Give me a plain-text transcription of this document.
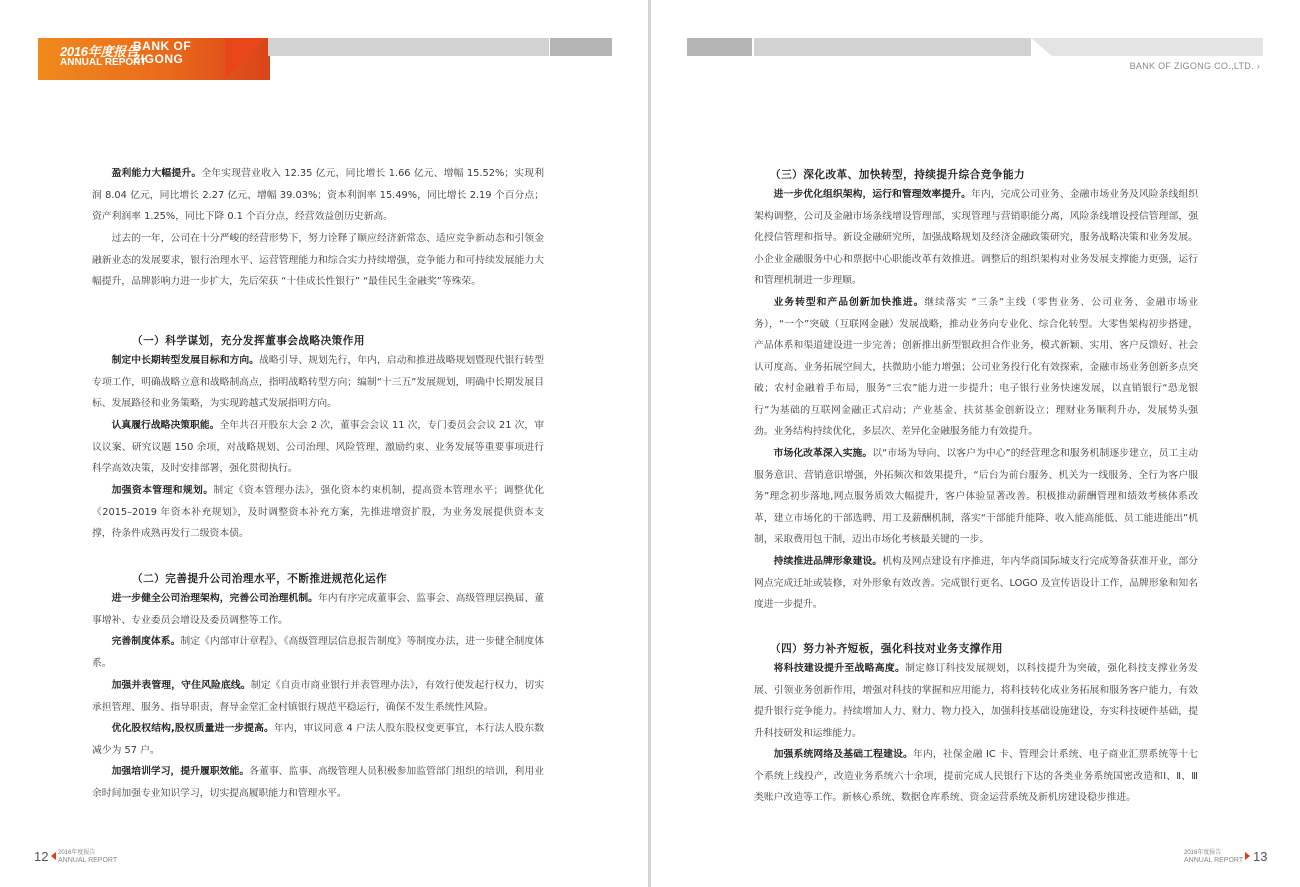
2016年度报告
ANNUAL REPORT
BANK OF
ZIGONG

盈利能力大幅提升。全年实现营业收入 12.35 亿元，同比增长 1.66 亿元、增幅 15.52%；实现利润 8.04 亿元，同比增长 2.27 亿元、增幅 39.03%；资本利润率 15.49%，同比增长 2.19 个百分点；资产利润率 1.25%，同比下降 0.1 个百分点，经营效益创历史新高。

过去的一年，公司在十分严峻的经营形势下，努力诠释了顺应经济新常态、适应竞争新动态和引领金融新业态的发展要求，银行治理水平、运营管理能力和综合实力持续增强，竞争能力和可持续发展能力大幅提升，品牌影响力进一步扩大，先后荣获 “十佳成长性银行” “最佳民生金融奖”等殊荣。

（一）科学谋划，充分发挥董事会战略决策作用

制定中长期转型发展目标和方向。战略引导、规划先行，年内，启动和推进战略规划暨现代银行转型专项工作，明确战略立意和战略制高点，指明战略转型方向；编制“十三五”发展规划，明确中长期发展目标、发展路径和业务策略，为实现跨越式发展指明方向。

认真履行战略决策职能。全年共召开股东大会 2 次，董事会会议 11 次，专门委员会会议 21 次，审议议案、研究议题 150 余项，对战略规划、公司治理、风险管理、激励约束、业务发展等重要事项进行科学高效决策，及时安排部署，强化贯彻执行。

加强资本管理和规划。制定《资本管理办法》，强化资本约束机制，提高资本管理水平；调整优化《2015–2019 年资本补充规划》，及时调整资本补充方案，先推进增资扩股，为业务发展提供资本支撑，待条件成熟再发行二级资本债。

（二）完善提升公司治理水平，不断推进规范化运作

进一步健全公司治理架构，完善公司治理机制。年内有序完成董事会、监事会、高级管理层换届、董事增补、专业委员会增设及委员调整等工作。

完善制度体系。制定《内部审计章程》、《高级管理层信息报告制度》等制度办法，进一步健全制度体系。

加强并表管理，守住风险底线。制定《自贡市商业银行并表管理办法》，有效行使发起行权力，切实承担管理、服务、指导职责，督导金堂汇金村镇银行规范平稳运行，确保不发生系统性风险。

优化股权结构,股权质量进一步提高。年内，审议同意 4 户法人股东股权变更事宜，本行法人股东数减少为 57 户。

加强培训学习，提升履职效能。各董事、监事、高级管理人员积极参加监管部门组织的培训，利用业余时间加强专业知识学习，切实提高履职能力和管理水平。

12 2016年度报告
ANNUAL REPORT
BANK OF ZIGONG CO.,LTD. ›
（三）深化改革、加快转型，持续提升综合竞争能力

进一步优化组织架构，运行和管理效率提升。年内，完成公司业务、金融市场业务及风险条线组织架构调整，公司及金融市场条线增设管理部，实现管理与营销职能分离，风险条线增设授信管理部，强化授信管理和指导。新设金融研究所，加强战略规划及经济金融政策研究，服务战略决策和业务发展。小企业金融服务中心和票据中心职能改革有效推进。调整后的组织架构对业务发展支撑能力更强，运行和管理机制进一步理顺。

业务转型和产品创新加快推进。继续落实 “三条”主线（零售业务、公司业务、金融市场业务），“一个”突破（互联网金融）发展战略，推动业务向专业化、综合化转型。大零售架构初步搭建，产品体系和渠道建设进一步完善；创新推出新型银政担合作业务，模式新颖、实用、客户反馈好、社会认可度高、业务拓展空间大，扶微助小能力增强；公司业务投行化有效探索，金融市场业务创新多点突破；农村金融着手布局，服务“三农”能力进一步提升；电子银行业务快速发展，以直销银行“恐龙银行”为基础的互联网金融正式启动；产业基金、扶贫基金创新设立；理财业务顺利升办，发展势头强劲。业务结构持续优化，多层次、差异化金融服务能力有效提升。

市场化改革深入实施。以“市场为导向、以客户为中心”的经营理念和服务机制逐步建立，员工主动服务意识、营销意识增强，外拓频次和效果提升，“后台为前台服务、机关为一线服务、全行为客户服务”理念初步落地,网点服务质效大幅提升，客户体验显著改善。积极推动薪酬管理和绩效考核体系改革，建立市场化的干部选聘、用工及薪酬机制，落实“干部能升能降、收入能高能低、员工能进能出”机制，采取费用包干制，迈出市场化考核最关键的一步。

持续推进品牌形象建设。机构及网点建设有序推进，年内华商国际城支行完成筹备获准开业，部分网点完成迁址或装修，对外形象有效改善。完成银行更名、LOGO 及宣传语设计工作，品牌形象和知名度进一步提升。

（四）努力补齐短板，强化科技对业务支撑作用

将科技建设提升至战略高度。制定修订科技发展规划，以科技提升为突破，强化科技支撑业务发展、引领业务创新作用，增强对科技的掌握和应用能力，将科技转化成业务拓展和服务客户能力，有效提升银行竞争能力。持续增加人力、财力、物力投入，加强科技基础设施建设，夯实科技硬件基础，提升科技研发和运维能力。

加强系统网络及基础工程建设。年内，社保金融 IC 卡、管理会计系统、电子商业汇票系统等十七个系统上线投产，改造业务系统六十余项，提前完成人民银行下达的各类业务系统国密改造和Ⅰ、Ⅱ、Ⅲ 类账户改造等工作。新核心系统、数据仓库系统、资金运营系统及新机房建设稳步推进。

2016年度报告
ANNUAL REPORT 13
